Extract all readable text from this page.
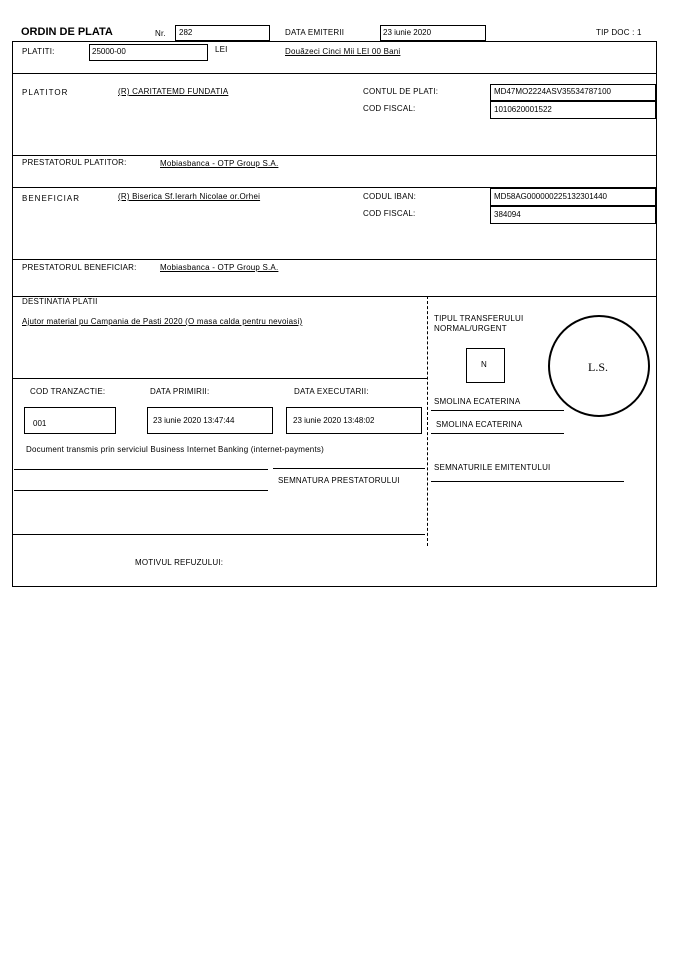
ORDIN DE PLATA	Nr. 282	DATA EMITERII	23 iunie 2020	TIP DOC : 1
PLATITI:	25000-00	LEI	Douăzeci Cinci Mii LEI 00 Bani
PLATITOR	(R) CARITATEMD FUNDATIA	CONTUL DE PLATI:	MD47MO2224ASV35534787100
COD FISCAL:	1010620001522
PRESTATORUL PLATITOR:	Mobiasbanca - OTP Group S.A.
BENEFICIAR	(R) Biserica Sf.Ierarh Nicolae or.Orhei	CODUL IBAN:	MD58AG000000225132301440
COD FISCAL:	384094
PRESTATORUL BENEFICIAR:	Mobiasbanca - OTP Group S.A.
DESTINATIA PLATII
Ajutor material pu Campania de Pasti 2020 (O masa calda pentru nevoiasi)	TIPUL TRANSFERULUI
NORMAL/URGENT
N	L.S.
COD TRANZACTIE:	DATA PRIMIRII:	DATA EXECUTARII:
001	23 iunie 2020 13:47:44	23 iunie 2020 13:48:02
SMOLINA ECATERINA
SMOLINA ECATERINA
Document transmis prin serviciul Business Internet Banking (internet-payments)
SEMNATURILE EMITENTULUI
SEMNATURA PRESTATORULUI
MOTIVUL REFUZULUI:
